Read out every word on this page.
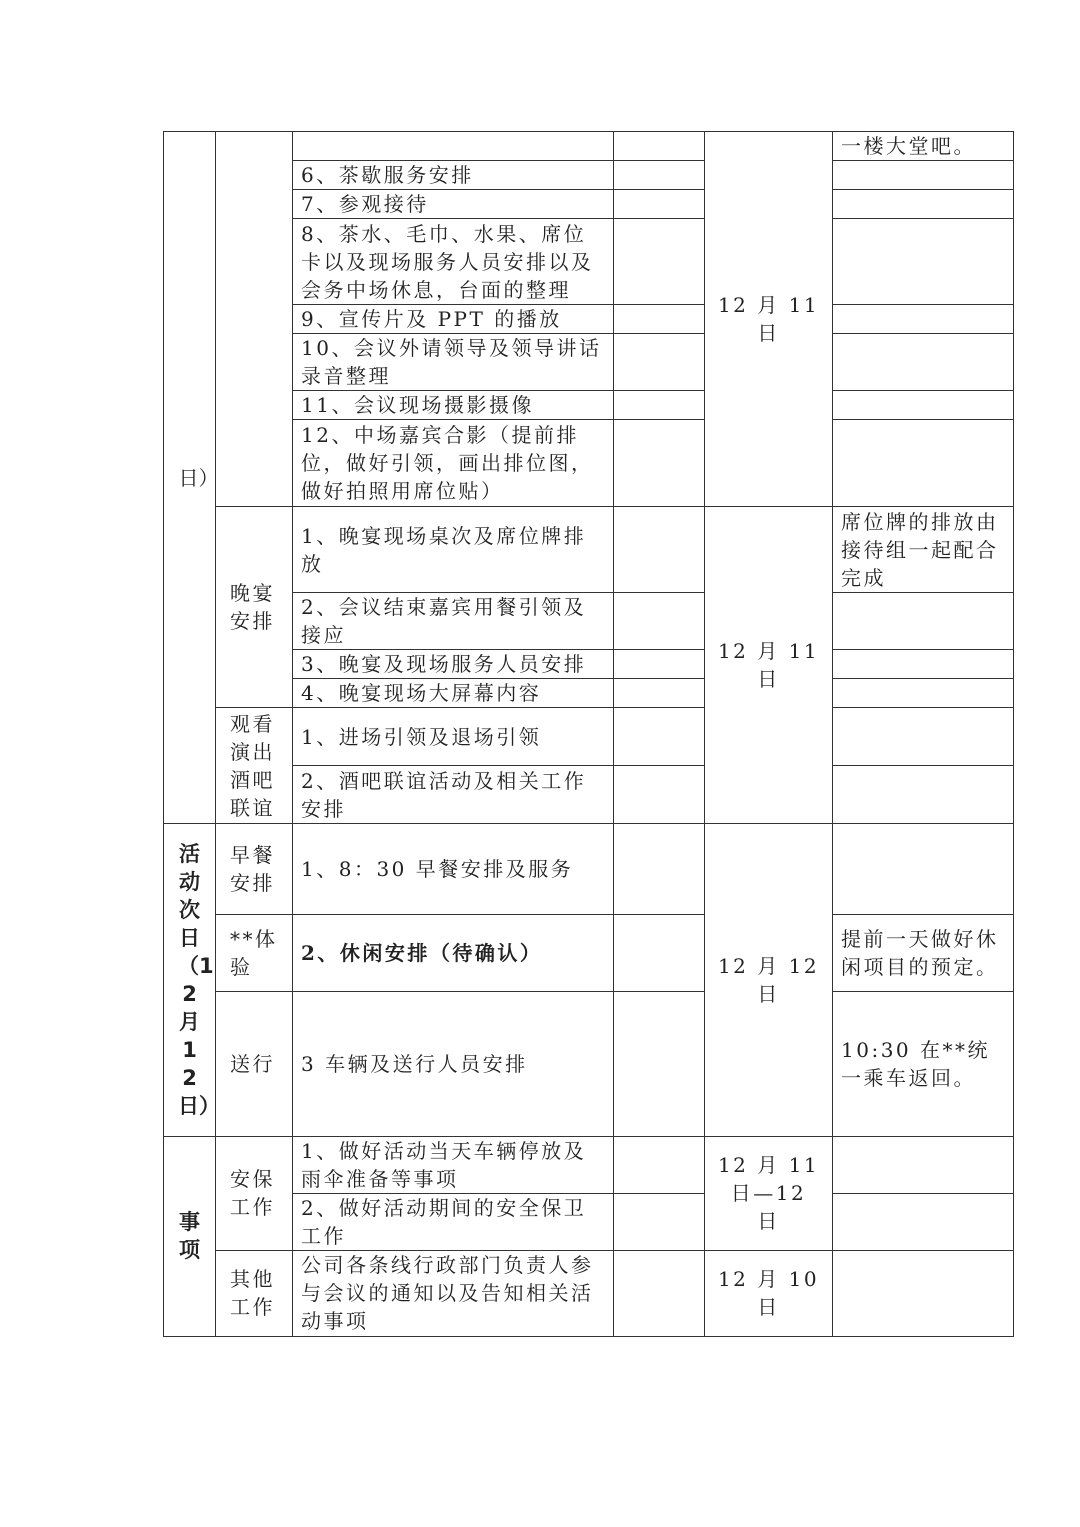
日）				12 月 11 日	一楼大堂吧。
		6、茶歇服务安排			
		7、参观接待			
		8、茶水、毛巾、水果、席位卡以及现场服务人员安排以及会务中场休息，台面的整理			
		9、宣传片及 PPT 的播放			
		10、会议外请领导及领导讲话录音整理			
		11、会议现场摄影摄像			
		12、中场嘉宾合影（提前排位，做好引领，画出排位图，做好拍照用席位贴）			
	晚宴安排	1、晚宴现场桌次及席位牌排放		12 月 11 日	席位牌的排放由接待组一起配合完成
		2、会议结束嘉宾用餐引领及接应			
		3、晚宴及现场服务人员安排			
		4、晚宴现场大屏幕内容			
	观看演出酒吧联谊	1、进场引领及退场引领			
		2、酒吧联谊活动及相关工作安排			
活动次日（12月12日）	早餐安排	1、8：30 早餐安排及服务		12 月 12 日	
	**体验	2、休闲安排（待确认）			提前一天做好休闲项目的预定。
	送行	3 车辆及送行人员安排			10:30 在**统一乘车返回。
事项	安保工作	1、做好活动当天车辆停放及雨伞准备等事项		12 月 11 日—12 日	
		2、做好活动期间的安全保卫工作			
	其他工作	公司各条线行政部门负责人参与会议的通知以及告知相关活动事项		12 月 10 日	
